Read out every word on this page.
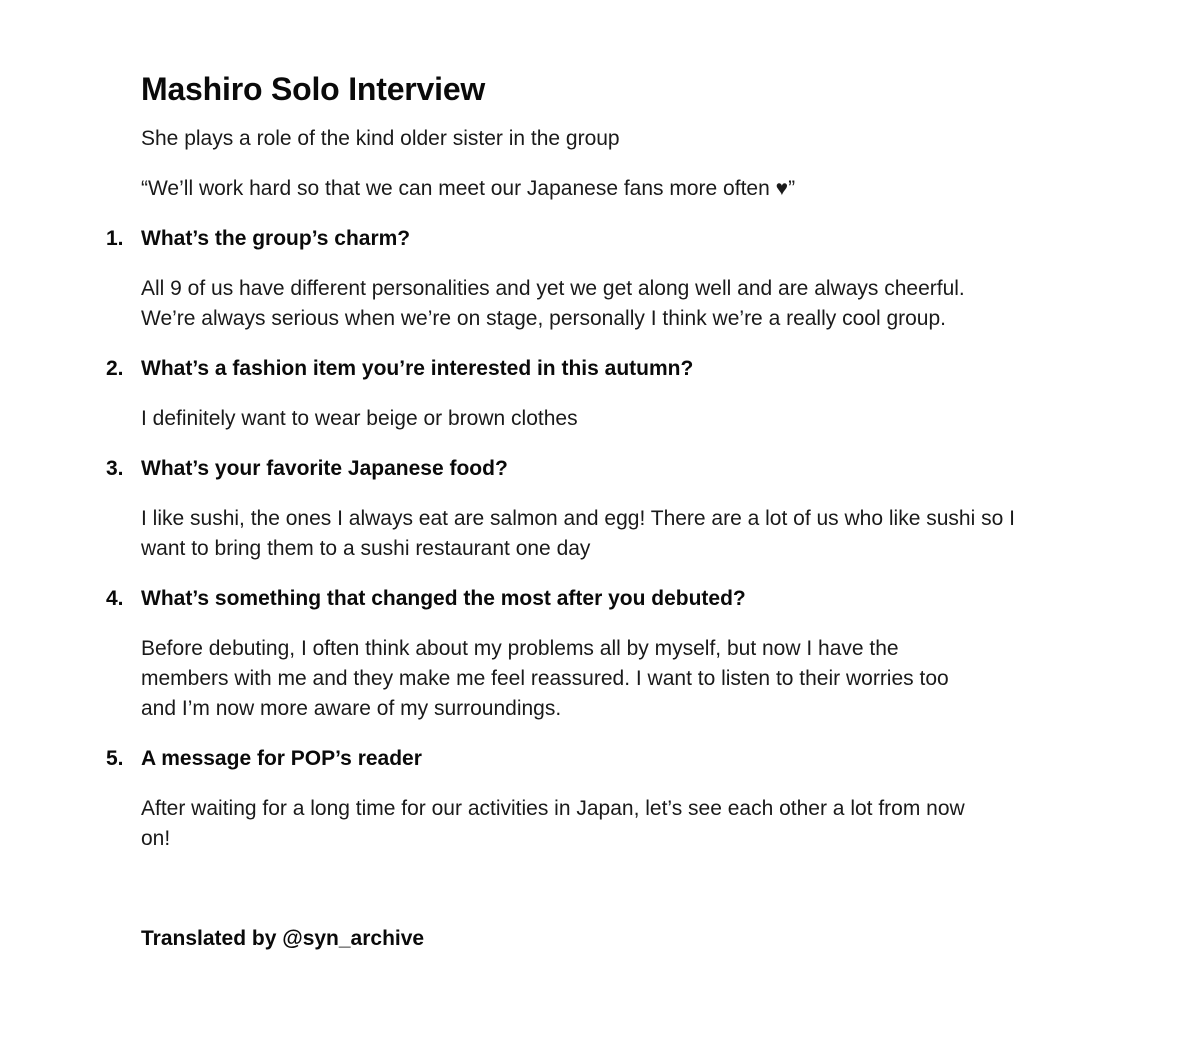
Mashiro Solo Interview

She plays a role of the kind older sister in the group

“We’ll work hard so that we can meet our Japanese fans more often ♥”

1. What’s the group’s charm?

All 9 of us have different personalities and yet we get along well and are always cheerful.
We’re always serious when we’re on stage, personally I think we’re a really cool group.

2. What’s a fashion item you’re interested in this autumn?

I definitely want to wear beige or brown clothes

3. What’s your favorite Japanese food?

I like sushi, the ones I always eat are salmon and egg! There are a lot of us who like sushi so I
want to bring them to a sushi restaurant one day

4. What’s something that changed the most after you debuted?

Before debuting, I often think about my problems all by myself, but now I have the
members with me and they make me feel reassured. I want to listen to their worries too
and I’m now more aware of my surroundings.

5. A message for POP’s reader

After waiting for a long time for our activities in Japan, let’s see each other a lot from now
on!

Translated by @syn_archive
